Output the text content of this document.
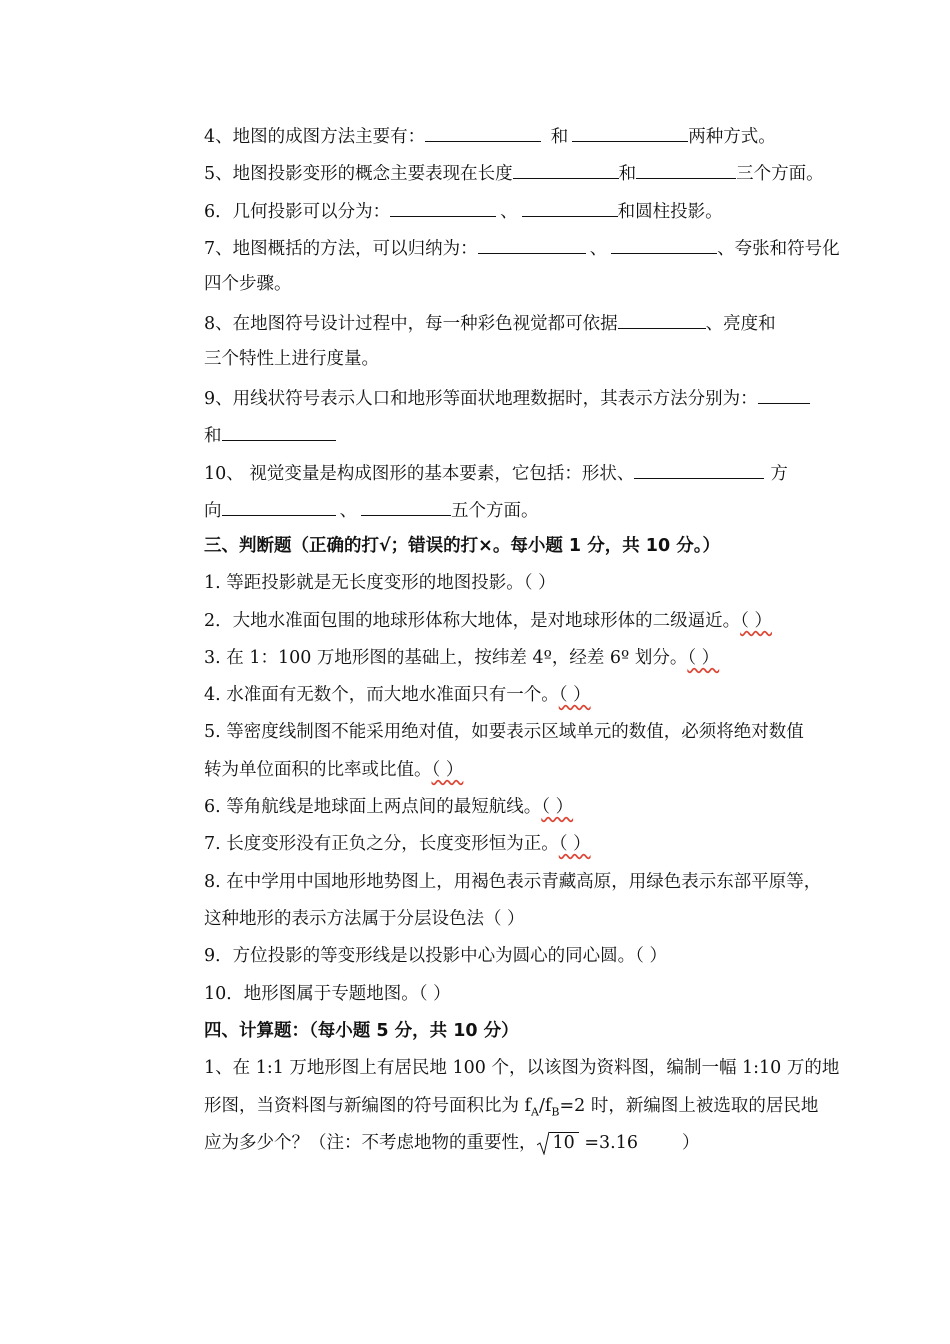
4、地图的成图方法主要有：	和	两种方式。
5、地图投影变形的概念主要表现在长度	和	三个方面。
6．几何投影可以分为：	、	和圆柱投影。
7、地图概括的方法，可以归纳为：	、	、夸张和符号化
四个步骤。
8、在地图符号设计过程中，每一种彩色视觉都可依据	、亮度和
三个特性上进行度量。
9、用线状符号表示人口和地形等面状地理数据时，其表示方法分别为：
和
10、 视觉变量是构成图形的基本要素，它包括：形状、	方
向	、	五个方面。
三、判断题（正确的打√；错误的打×。每小题 1 分，共 10 分。）
1. 等距投影就是无长度变形的地图投影。（ ）
2．大地水准面包围的地球形体称大地体，是对地球形体的二级逼近。（ ）
3. 在 1：100 万地形图的基础上，按纬差 4º，经差 6º 划分。（ ）
4. 水准面有无数个，而大地水准面只有一个。（ ）
5. 等密度线制图不能采用绝对值，如要表示区域单元的数值，必须将绝对数值
转为单位面积的比率或比值。（ ）
6. 等角航线是地球面上两点间的最短航线。（ ）
7. 长度变形没有正负之分，长度变形恒为正。（ ）
8. 在中学用中国地形地势图上，用褐色表示青藏高原，用绿色表示东部平原等，
这种地形的表示方法属于分层设色法（ ）
9．方位投影的等变形线是以投影中心为圆心的同心圆。（ ）
10．地形图属于专题地图。（ ）
四、计算题：（每小题 5 分，共 10 分）
1、在 1:1 万地形图上有居民地 100 个，以该图为资料图，编制一幅 1:10 万的地
形图，当资料图与新编图的符号面积比为 $f_A/f_B=2$ 时，新编图上被选取的居民地
应为多少个？（注：不考虑地物的重要性， 10 =3.16	）
